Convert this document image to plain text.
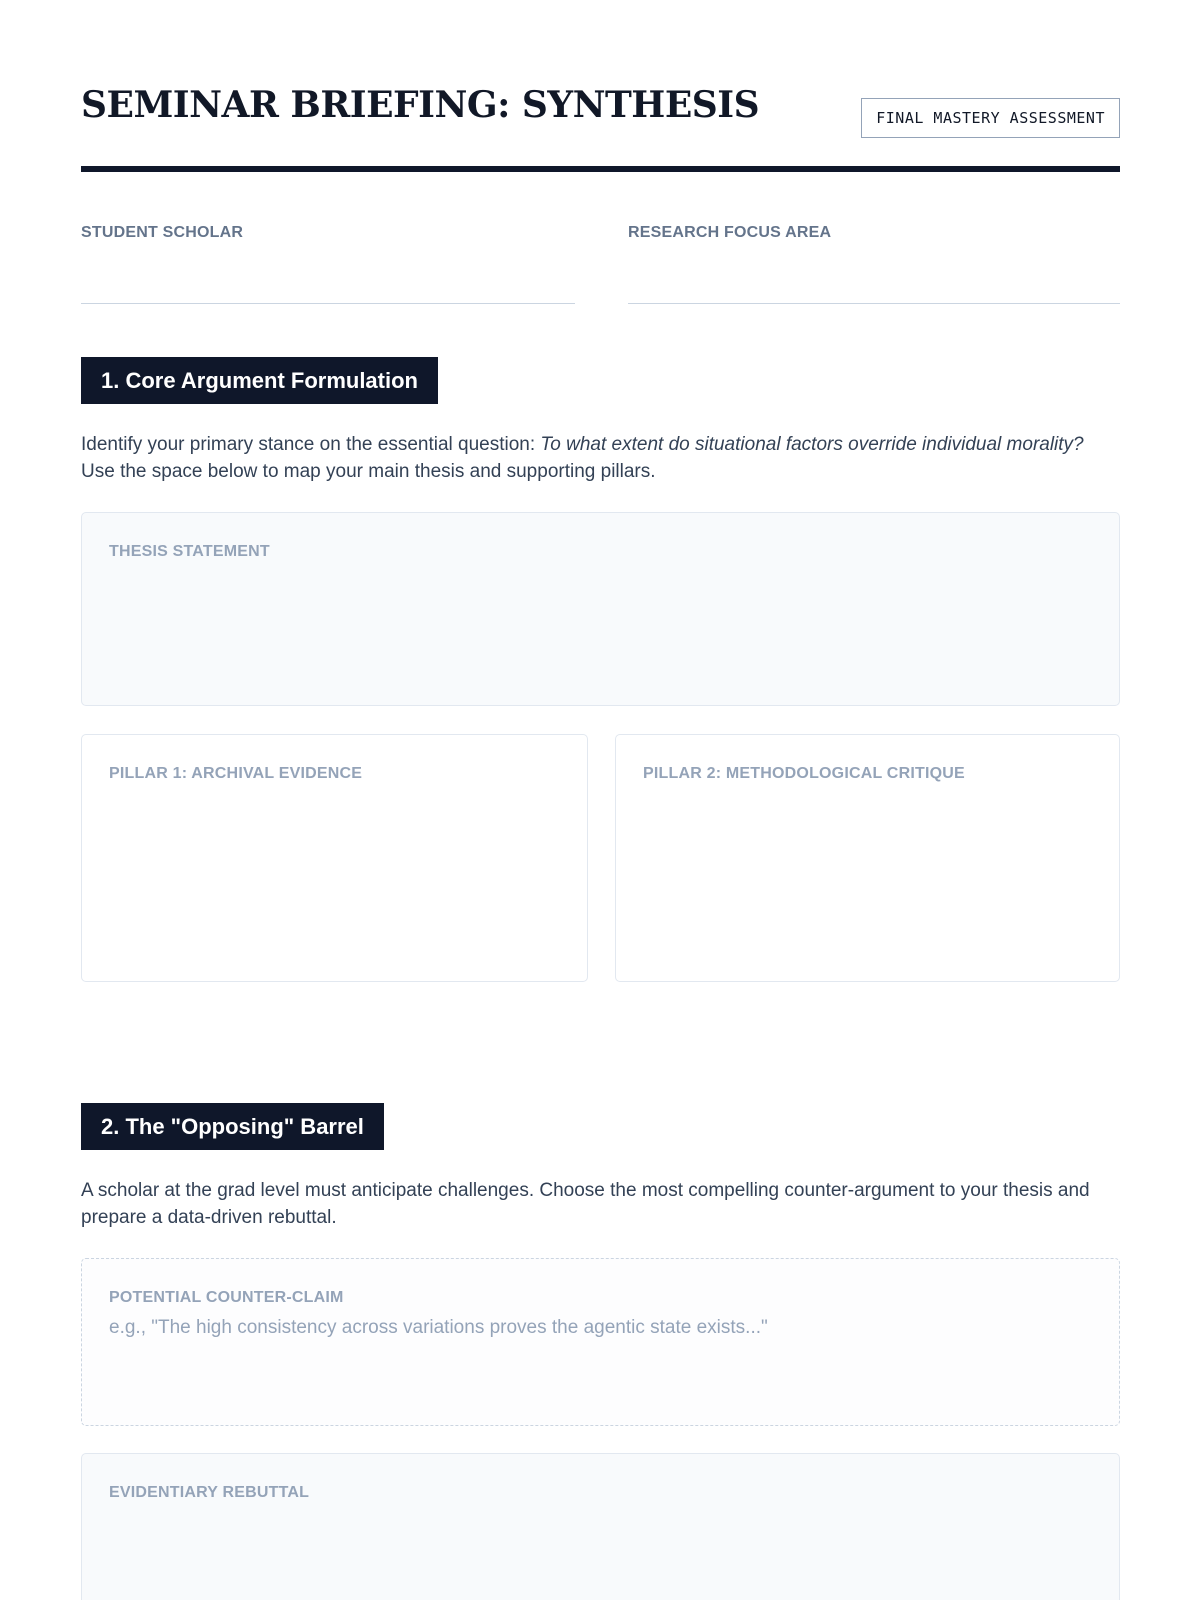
SEMINAR BRIEFING: SYNTHESIS	FINAL MASTERY ASSESSMENT
STUDENT SCHOLAR	RESEARCH FOCUS AREA
1. Core Argument Formulation

Identify your primary stance on the essential question: To what extent do situational factors override individual morality? Use the space below to map your main thesis and supporting pillars.

THESIS STATEMENT
PILLAR 1: ARCHIVAL EVIDENCE	PILLAR 2: METHODOLOGICAL CRITIQUE
2. The "Opposing" Barrel

A scholar at the grad level must anticipate challenges. Choose the most compelling counter-argument to your thesis and prepare a data-driven rebuttal.

POTENTIAL COUNTER-CLAIM
e.g., "The high consistency across variations proves the agentic state exists..."
EVIDENTIARY REBUTTAL
